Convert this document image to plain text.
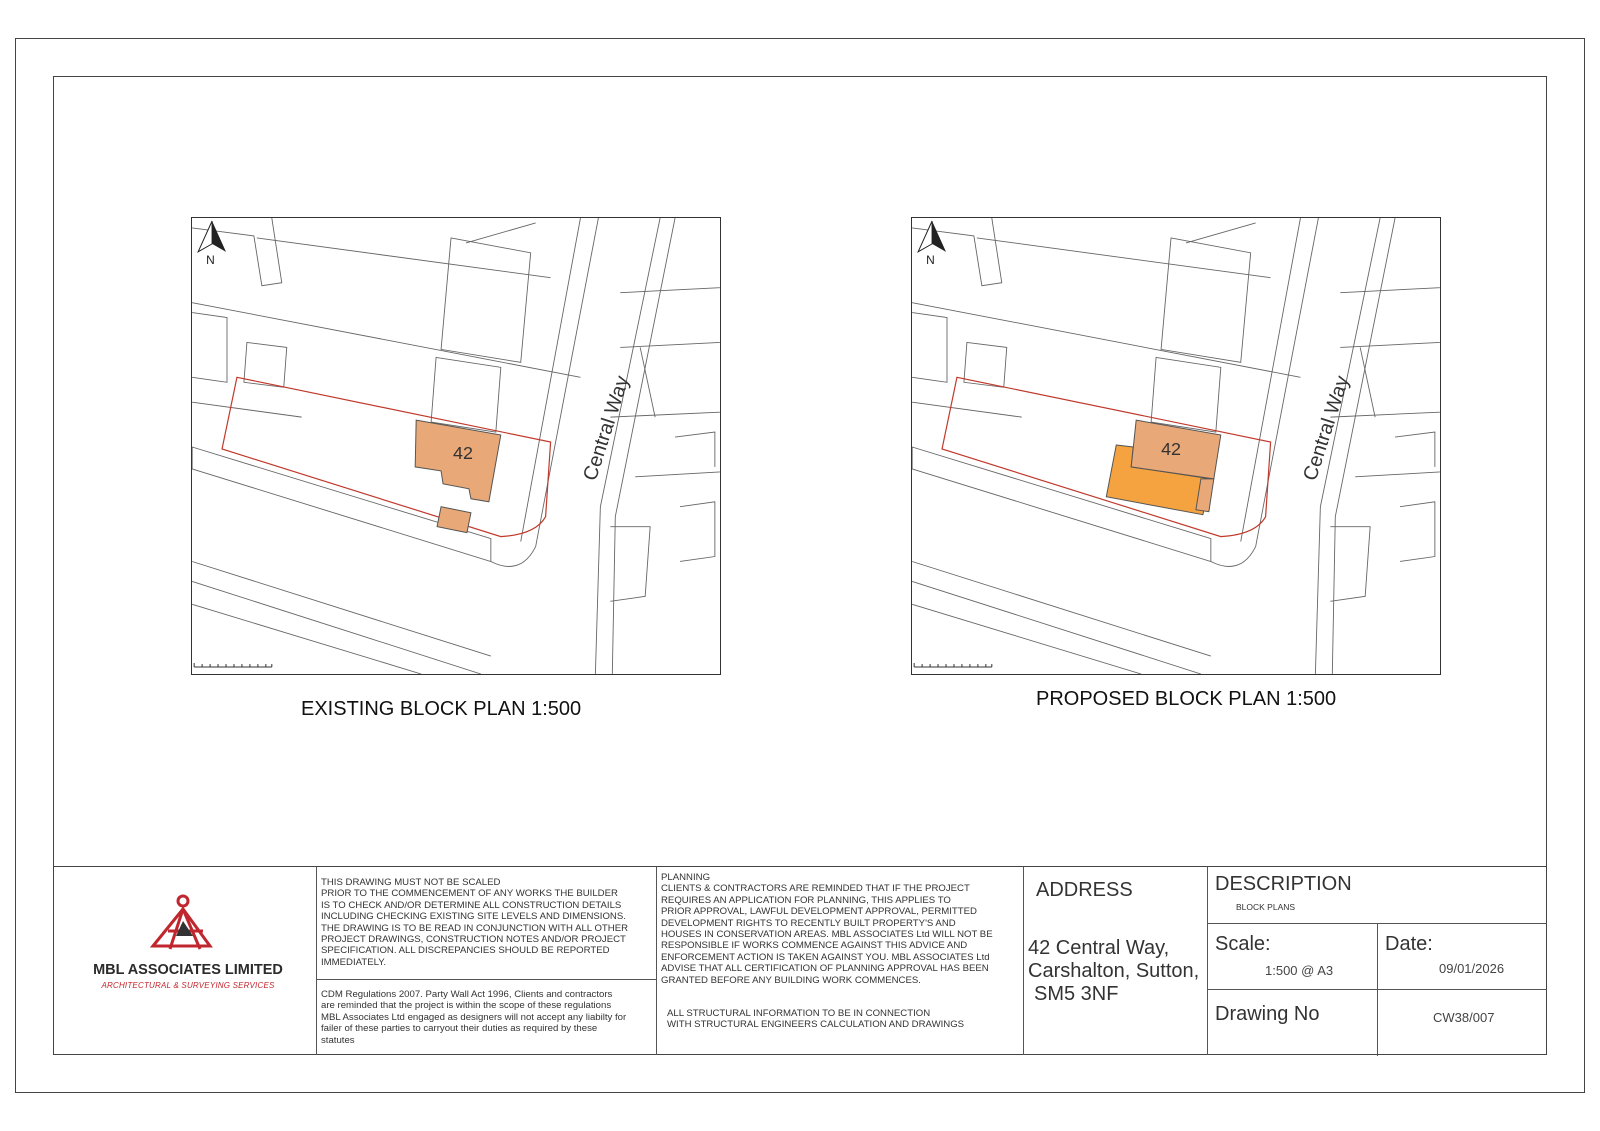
42	Central Way
N
EXISTING BLOCK PLAN 1:500
42	Central Way
N
PROPOSED BLOCK PLAN 1:500
MBL ASSOCIATES LIMITED
ARCHITECTURAL & SURVEYING SERVICES
THIS DRAWING MUST NOT BE SCALED
PRIOR TO THE COMMENCEMENT OF ANY WORKS THE BUILDER
IS TO CHECK AND/OR DETERMINE ALL CONSTRUCTION DETAILS
INCLUDING CHECKING EXISTING SITE LEVELS AND DIMENSIONS.
THE DRAWING IS TO BE READ IN CONJUNCTION WITH ALL OTHER
PROJECT DRAWINGS, CONSTRUCTION NOTES AND/OR PROJECT
SPECIFICATION. ALL DISCREPANCIES SHOULD BE REPORTED
IMMEDIATELY.
CDM Regulations 2007. Party Wall Act 1996, Clients and contractors
are reminded that the project is within the scope of these regulations
MBL Associates Ltd engaged as designers will not accept any liabilty for
failer of these parties to carryout their duties as required by these
statutes
PLANNING
CLIENTS & CONTRACTORS ARE REMINDED THAT IF THE PROJECT
REQUIRES AN APPLICATION FOR PLANNING, THIS APPLIES TO
PRIOR APPROVAL, LAWFUL DEVELOPMENT APPROVAL, PERMITTED
DEVELOPMENT RIGHTS TO RECENTLY BUILT PROPERTY'S AND
HOUSES IN CONSERVATION AREAS. MBL ASSOCIATES Ltd WILL NOT BE
RESPONSIBLE IF WORKS COMMENCE AGAINST THIS ADVICE AND
ENFORCEMENT ACTION IS TAKEN AGAINST YOU. MBL ASSOCIATES Ltd
ADVISE THAT ALL CERTIFICATION OF PLANNING APPROVAL HAS BEEN
GRANTED BEFORE ANY BUILDING WORK COMMENCES.
ALL STRUCTURAL INFORMATION TO BE IN CONNECTION
WITH STRUCTURAL ENGINEERS CALCULATION AND DRAWINGS
ADDRESS
42 Central Way,
Carshalton, Sutton,
SM5 3NF
DESCRIPTION
BLOCK PLANS
Scale:
1:500 @ A3
Date:
09/01/2026
Drawing No	CW38/007
